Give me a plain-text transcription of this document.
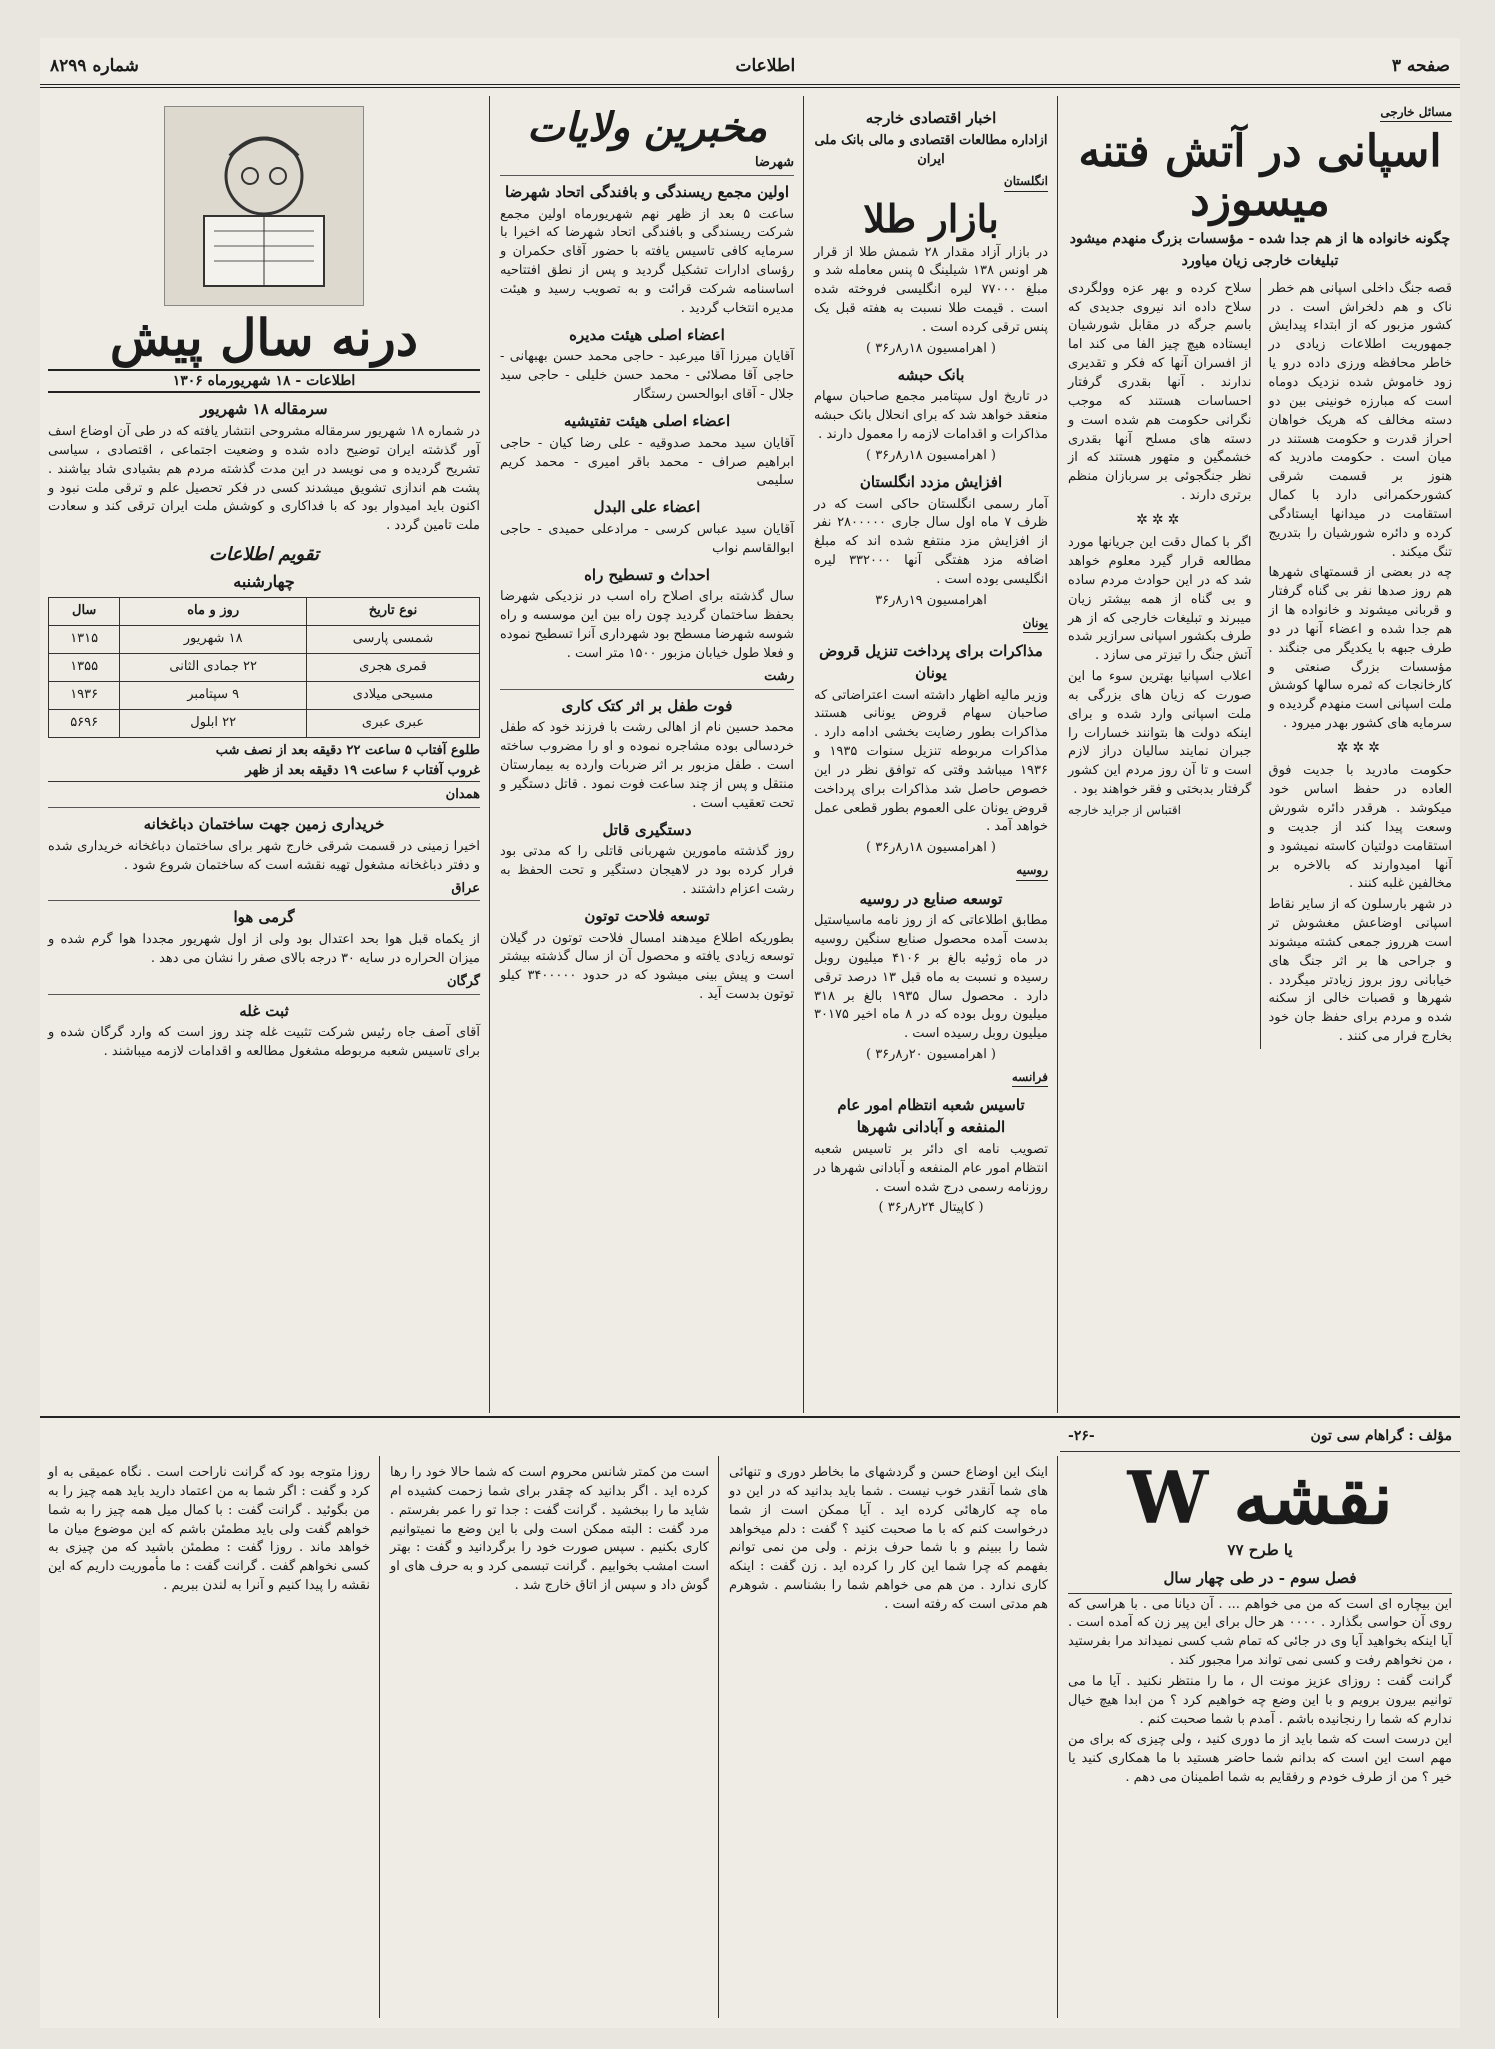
صفحه ۳
اطلاعات
شماره ۸۲۹۹
مسائل خارجی
اسپانی در آتش فتنه میسوزد
چگونه خانواده ها از هم جدا شده - مؤسسات بزرگ منهدم میشود
تبلیغات خارجی زیان میاورد

قصه جنگ داخلی اسپانی هم خطر ناک و هم دلخراش است . در کشور مزبور که از ابتداء پیدایش جمهوریت اطلاعات زیادی در خاطر محافظه ورزی داده درو یا زود خاموش شده نزدیک دوماه است که مبارزه خونینی بین دو دسته مخالف که هریک خواهان احراز قدرت و حکومت هستند در میان است . حکومت مادرید که هنوز بر قسمت شرقی کشورحکمرانی دارد با کمال استقامت در میدانها ایستادگی کرده و دائره شورشیان را بتدریج تنگ میکند .

چه در بعضی از قسمتهای شهرها هم روز صدها نفر بی گناه گرفتار و قربانی میشوند و خانواده ها از هم جدا شده و اعضاء آنها در دو طرف جبهه با یکدیگر می جنگند . مؤسسات بزرگ صنعتی و کارخانجات که ثمره سالها کوشش ملت اسپانی است منهدم گردیده و سرمایه های کشور بهدر میرود .

✲✲✲

حکومت مادرید با جدیت فوق العاده در حفظ اساس خود میکوشد . هرقدر دائره شورش وسعت پیدا کند از جدیت و استقامت دولتیان کاسته نمیشود و آنها امیدوارند که بالاخره بر مخالفین غلبه کنند .

در شهر بارسلون که از سایر نقاط اسپانی اوضاعش مغشوش تر است هرروز جمعی کشته میشوند و جراحی ها بر اثر جنگ های خیابانی روز بروز زیادتر میگردد . شهرها و قصبات خالی از سکنه شده و مردم برای حفظ جان خود بخارج فرار می کنند .

سلاح کرده و بهر عزه وولگردی سلاح داده اند نیروی جدیدی که باسم جرگه در مقابل شورشیان ایستاده هیچ چیز الفا می کند اما از افسران آنها که فکر و تقدیری ندارند . آنها بقدری گرفتار احساسات هستند که موجب نگرانی حکومت هم شده است و دسته های مسلح آنها بقدری خشمگین و متهور هستند که از نظر جنگجوئی بر سربازان منظم برتری دارند .

✲✲✲

اگر با کمال دقت این جریانها مورد مطالعه قرار گیرد معلوم خواهد شد که در این حوادث مردم ساده و بی گناه از همه بیشتر زیان میبرند و تبلیغات خارجی که از هر طرف بکشور اسپانی سرازیر شده آتش جنگ را تیزتر می سازد .

اعلاب اسپانیا بهترین سوء ما این صورت که زیان های بزرگی به ملت اسپانی وارد شده و برای اینکه دولت ها بتوانند خسارات را جبران نمایند سالیان دراز لازم است و تا آن روز مردم این کشور گرفتار بدبختی و فقر خواهند بود .

اقتباس از جراید خارجه

اخبار اقتصادی خارجه
ازاداره مطالعات اقتصادی و مالی بانک ملی ایران
انگلستان
بازار طلا

در بازار آزاد مقدار ۲۸ شمش طلا از قرار هر اونس ۱۳۸ شیلینگ ۵ پنس معامله شد و مبلغ ۷۷۰۰۰ لیره انگلیسی فروخته شده است . قیمت طلا نسبت به هفته قبل یک پنس ترقی کرده است .

( اهرامسیون ۱۸ر۸ر۳۶ )

بانک حبشه

در تاریخ اول سپتامبر مجمع صاحبان سهام منعقد خواهد شد که برای انحلال بانک حبشه مذاکرات و اقدامات لازمه را معمول دارند .

( اهرامسیون ۱۸ر۸ر۳۶ )

افزایش مزدد انگلستان

آمار رسمی انگلستان حاکی است که در ظرف ۷ ماه اول سال جاری ۲۸۰۰۰۰۰ نفر از افزایش مزد منتفع شده اند که مبلغ اضافه مزد هفتگی آنها ۳۳۲۰۰۰ لیره انگلیسی بوده است .

اهرامسیون ۱۹ر۸ر۳۶

یونان
مذاکرات برای پرداخت تنزیل قروض یونان

وزیر مالیه اظهار داشته است اعتراضاتی که صاحبان سهام قروض یونانی هستند مذاکرات بطور رضایت بخشی ادامه دارد . مذاکرات مربوطه تنزیل سنوات ۱۹۳۵ و ۱۹۳۶ میباشد وقتی که توافق نظر در این خصوص حاصل شد مذاکرات برای پرداخت قروض یونان علی العموم بطور قطعی عمل خواهد آمد .

( اهرامسیون ۱۸ر۸ر۳۶ )

روسیه
توسعه صنایع در روسیه

مطابق اطلاعاتی که از روز نامه ماسیاستیل بدست آمده محصول صنایع سنگین روسیه در ماه ژوئیه بالغ بر ۴۱۰۶ میلیون روبل رسیده و نسبت به ماه قبل ۱۳ درصد ترقی دارد . محصول سال ۱۹۳۵ بالغ بر ۳۱۸ میلیون روبل بوده که در ۸ ماه اخیر ۳۰۱۷۵ میلیون روبل رسیده است .

( اهرامسیون ۲۰ر۸ر۳۶ )

فرانسه
تاسیس شعبه انتظام امور عام المنفعه و آبادانی شهرها

تصویب نامه ای دائر بر تاسیس شعبه انتظام امور عام المنفعه و آبادانی شهرها در روزنامه رسمی درج شده است .

( کاپیتال ۲۴ر۸ر۳۶ )

مخبرین ولایات
شهرضا
اولین مجمع ریسندگی و بافندگی اتحاد شهرضا

ساعت ۵ بعد از ظهر نهم شهریورماه اولین مجمع شرکت ریسندگی و بافندگی اتحاد شهرضا که اخیرا با سرمایه کافی تاسیس یافته با حضور آقای حکمران و رؤسای ادارات تشکیل گردید و پس از نطق افتتاحیه اساسنامه شرکت قرائت و به تصویب رسید و هیئت مدیره انتخاب گردید .

اعضاء اصلی هیئت مدیره

آقایان میرزا آقا میرعبد - حاجی محمد حسن بهبهانی - حاجی آقا مصلائی - محمد حسن خلیلی - حاجی سید جلال - آقای ابوالحسن رستگار

اعضاء اصلی هیئت تفتیشیه

آقایان سید محمد صدوقیه - علی رضا کیان - حاجی ابراهیم صراف - محمد باقر امیری - محمد کریم سلیمی

اعضاء علی البدل

آقایان سید عباس کرسی - مرادعلی حمیدی - حاجی ابوالقاسم نواب

احداث و تسطیح راه

سال گذشته برای اصلاح راه اسب در نزدیکی شهرضا بحفظ ساختمان گردید چون راه بین این موسسه و راه شوسه شهرضا مسطح بود شهرداری آنرا تسطیح نموده و فعلا طول خیابان مزبور ۱۵۰۰ متر است .

رشت
فوت طفل بر اثر کتک کاری

محمد حسین نام از اهالی رشت با فرزند خود که طفل خردسالی بوده مشاجره نموده و او را مضروب ساخته است . طفل مزبور بر اثر ضربات وارده به بیمارستان منتقل و پس از چند ساعت فوت نمود . قاتل دستگیر و تحت تعقیب است .

دستگیری قاتل

روز گذشته مامورین شهربانی قاتلی را که مدتی بود فرار کرده بود در لاهیجان دستگیر و تحت الحفظ به رشت اعزام داشتند .

توسعه فلاحت توتون

بطوریکه اطلاع میدهند امسال فلاحت توتون در گیلان توسعه زیادی یافته و محصول آن از سال گذشته بیشتر است و پیش بینی میشود که در حدود ۳۴۰۰۰۰۰ کیلو توتون بدست آید .

درنه سال پیش
اطلاعات - ۱۸ شهریورماه ۱۳۰۶
سرمقاله ۱۸ شهریور

در شماره ۱۸ شهریور سرمقاله مشروحی انتشار یافته که در طی آن اوضاع اسف آور گذشته ایران توضیح داده شده و وضعیت اجتماعی ، اقتصادی ، سیاسی تشریح گردیده و می نویسد در این مدت گذشته مردم هم بشیادی شاد بیاشند . پشت هم اندازی تشویق میشدند کسی در فکر تحصیل علم و ترقی ملت نبود و اکنون باید امیدوار بود که با فداکاری و کوشش ملت ایران ترقی کند و سعادت ملت تامین گردد .

تقویم اطلاعات
چهارشنبه
نوع تاریخ	روز و ماه	سال
شمسی پارسی	۱۸ شهریور	۱۳۱۵
قمری هجری	۲۲ جمادی الثانی	۱۳۵۵
مسیحی میلادی	۹ سپتامبر	۱۹۳۶
عبری عبری	۲۲ ابلول	۵۶۹۶

طلوع آفتاب ۵ ساعت ۲۲ دقیقه بعد از نصف شب

غروب آفتاب ۶ ساعت ۱۹ دقیقه بعد از ظهر

همدان
خریداری زمین جهت ساختمان دباغخانه

اخیرا زمینی در قسمت شرقی خارج شهر برای ساختمان دباغخانه خریداری شده و دفتر دباغخانه مشغول تهیه نقشه است که ساختمان شروع شود .

عراق
گرمی هوا

از یکماه قبل هوا بحد اعتدال بود ولی از اول شهریور مجددا هوا گرم شده و میزان الحراره در سایه ۳۰ درجه بالای صفر را نشان می دهد .

گرگان
ثبت غله

آقای آصف جاه رئیس شرکت تثبیت غله چند روز است که وارد گرگان شده و برای تاسیس شعبه مربوطه مشغول مطالعه و اقدامات لازمه میباشند .

مؤلف : گراهام سی تون
-۲۶-
نقشه W
یا طرح ۷۷
فصل سوم - در طی چهار سال

این بیچاره ای است که من می خواهم ... . آن دیانا می . با هراسی که روی آن حواسی بگذارد . ۰۰۰۰ هر حال برای این پیر زن که آمده است . آیا اینکه بخواهید آیا وی در جائی که تمام شب کسی نمیداند مرا بفرستید ، من نخواهم رفت و کسی نمی تواند مرا مجبور کند .

گرانت گفت : روزای عزیز مونت ال ، ما را منتظر نکنید . آیا ما می توانیم بیرون برویم و با این وضع چه خواهیم کرد ؟ من ابدا هیچ خیال ندارم که شما را رنجانیده باشم . آمدم با شما صحبت کنم .

این درست است که شما باید از ما دوری کنید ، ولی چیزی که برای من مهم است این است که بدانم شما حاضر هستید با ما همکاری کنید یا خیر ؟ من از طرف خودم و رفقایم به شما اطمینان می دهم .

اینک این اوضاع حسن و گردشهای ما بخاطر دوری و تنهائی های شما آنقدر خوب نیست . شما باید بدانید که در این دو ماه چه کارهائی کرده اید . آیا ممکن است از شما درخواست کنم که با ما صحبت کنید ؟ گفت : دلم میخواهد شما را ببینم و با شما حرف بزنم . ولی من نمی توانم بفهمم که چرا شما این کار را کرده اید . زن گفت : اینکه کاری ندارد . من هم می خواهم شما را بشناسم . شوهرم هم مدتی است که رفته است .

است من کمتر شانس محروم است که شما حالا خود را رها کرده اید . اگر بدانید که چقدر برای شما زحمت کشیده ام شاید ما را ببخشید . گرانت گفت : جدا تو را عمر بفرستم . مرد گفت : البته ممکن است ولی با این وضع ما نمیتوانیم کاری بکنیم . سپس صورت خود را برگردانید و گفت : بهتر است امشب بخوابیم . گرانت تبسمی کرد و به حرف های او گوش داد و سپس از اتاق خارج شد .

روزا متوجه بود که گرانت ناراحت است . نگاه عمیقی به او کرد و گفت : اگر شما به من اعتماد دارید باید همه چیز را به من بگوئید . گرانت گفت : با کمال میل همه چیز را به شما خواهم گفت ولی باید مطمئن باشم که این موضوع میان ما خواهد ماند . روزا گفت : مطمئن باشید که من چیزی به کسی نخواهم گفت . گرانت گفت : ما مأموریت داریم که این نقشه را پیدا کنیم و آنرا به لندن ببریم .
